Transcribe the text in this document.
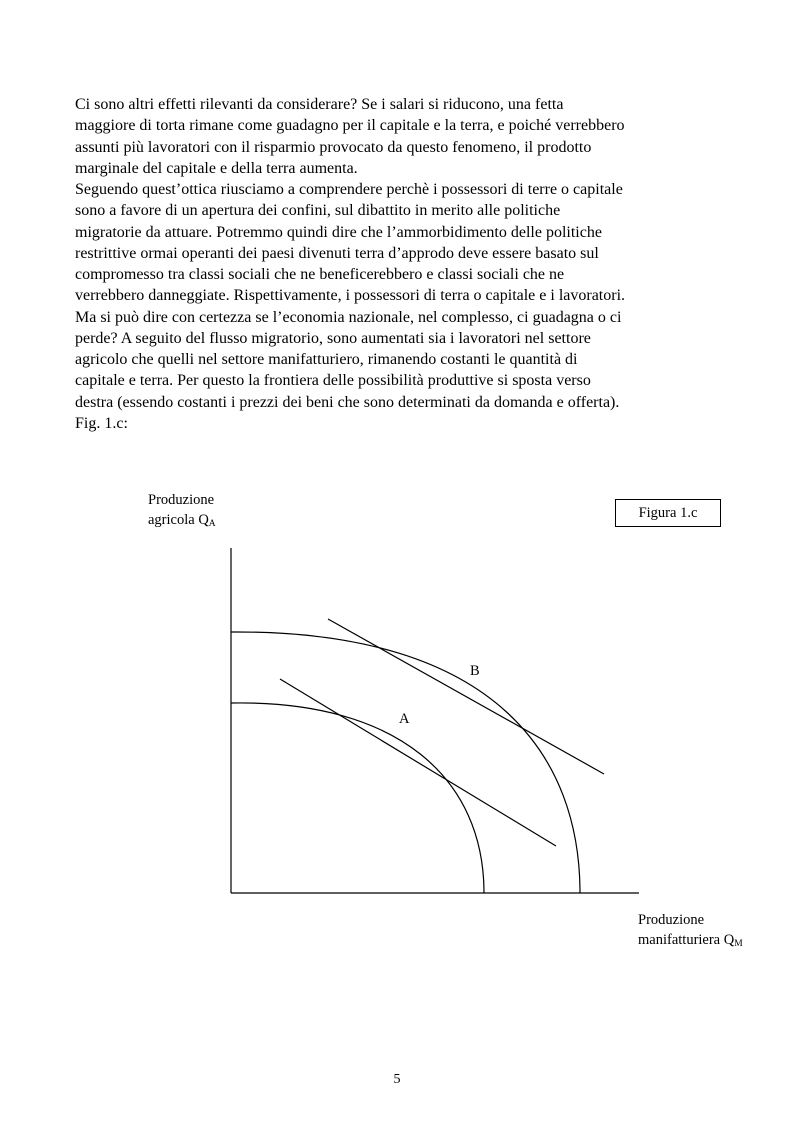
Ci sono altri effetti rilevanti da considerare? Se i salari si riducono, una fetta
maggiore di torta rimane come guadagno per il capitale e la terra, e poiché verrebbero
assunti più lavoratori con il risparmio provocato da questo fenomeno, il prodotto
marginale del capitale e della terra aumenta.
Seguendo quest’ottica riusciamo a comprendere perchè i possessori di terre o capitale
sono a favore di un apertura dei confini, sul dibattito in merito alle politiche
migratorie da attuare. Potremmo quindi dire che l’ammorbidimento delle politiche
restrittive ormai operanti dei paesi divenuti terra d’approdo deve essere basato sul
compromesso tra classi sociali che ne beneficerebbero e classi sociali che ne
verrebbero danneggiate. Rispettivamente, i possessori di terra o capitale e i lavoratori.
Ma si può dire con certezza se l’economia nazionale, nel complesso, ci guadagna o ci
perde? A seguito del flusso migratorio, sono aumentati sia i lavoratori nel settore
agricolo che quelli nel settore manifatturiero, rimanendo costanti le quantità di
capitale e terra. Per questo la frontiera delle possibilità produttive si sposta verso
destra (essendo costanti i prezzi dei beni che sono determinati da domanda e offerta).
Fig. 1.c:
Produzione
agricola $Q_A$
Figura 1.c
A
B
Produzione
manifatturiera $Q_M$
5
